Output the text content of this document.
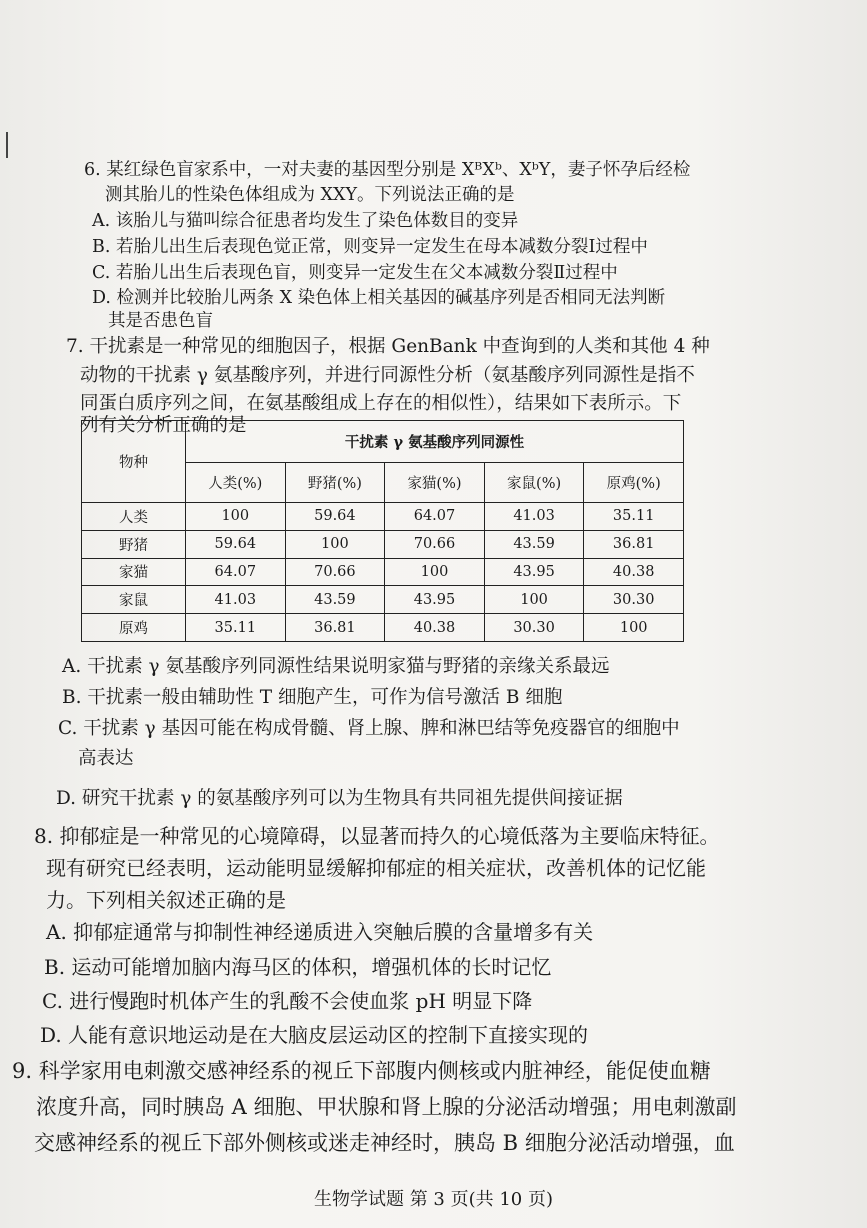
6. 某红绿色盲家系中，一对夫妻的基因型分别是 XᴮXᵇ、XᵇY，妻子怀孕后经检
测其胎儿的性染色体组成为 XXY。下列说法正确的是
A. 该胎儿与猫叫综合征患者均发生了染色体数目的变异
B. 若胎儿出生后表现色觉正常，则变异一定发生在母本减数分裂Ⅰ过程中
C. 若胎儿出生后表现色盲，则变异一定发生在父本减数分裂Ⅱ过程中
D. 检测并比较胎儿两条 X 染色体上相关基因的碱基序列是否相同无法判断
其是否患色盲
7. 干扰素是一种常见的细胞因子，根据 GenBank 中查询到的人类和其他 4 种
动物的干扰素 γ 氨基酸序列，并进行同源性分析（氨基酸序列同源性是指不
同蛋白质序列之间，在氨基酸组成上存在的相似性），结果如下表所示。下
列有关分析正确的是
物种	干扰素 γ 氨基酸序列同源性				
	人类(%)	野猪(%)	家猫(%)	家鼠(%)	原鸡(%)
人类	100	59.64	64.07	41.03	35.11
野猪	59.64	100	70.66	43.59	36.81
家猫	64.07	70.66	100	43.95	40.38
家鼠	41.03	43.59	43.95	100	30.30
原鸡	35.11	36.81	40.38	30.30	100
A. 干扰素 γ 氨基酸序列同源性结果说明家猫与野猪的亲缘关系最远
B. 干扰素一般由辅助性 T 细胞产生，可作为信号激活 B 细胞
C. 干扰素 γ 基因可能在构成骨髓、肾上腺、脾和淋巴结等免疫器官的细胞中
高表达
D. 研究干扰素 γ 的氨基酸序列可以为生物具有共同祖先提供间接证据
8. 抑郁症是一种常见的心境障碍，以显著而持久的心境低落为主要临床特征。
现有研究已经表明，运动能明显缓解抑郁症的相关症状，改善机体的记忆能
力。下列相关叙述正确的是
A. 抑郁症通常与抑制性神经递质进入突触后膜的含量增多有关
B. 运动可能增加脑内海马区的体积，增强机体的长时记忆
C. 进行慢跑时机体产生的乳酸不会使血浆 pH 明显下降
D. 人能有意识地运动是在大脑皮层运动区的控制下直接实现的
9. 科学家用电刺激交感神经系的视丘下部腹内侧核或内脏神经，能促使血糖
浓度升高，同时胰岛 A 细胞、甲状腺和肾上腺的分泌活动增强；用电刺激副
交感神经系的视丘下部外侧核或迷走神经时，胰岛 B 细胞分泌活动增强，血
生物学试题 第 3 页(共 10 页)
